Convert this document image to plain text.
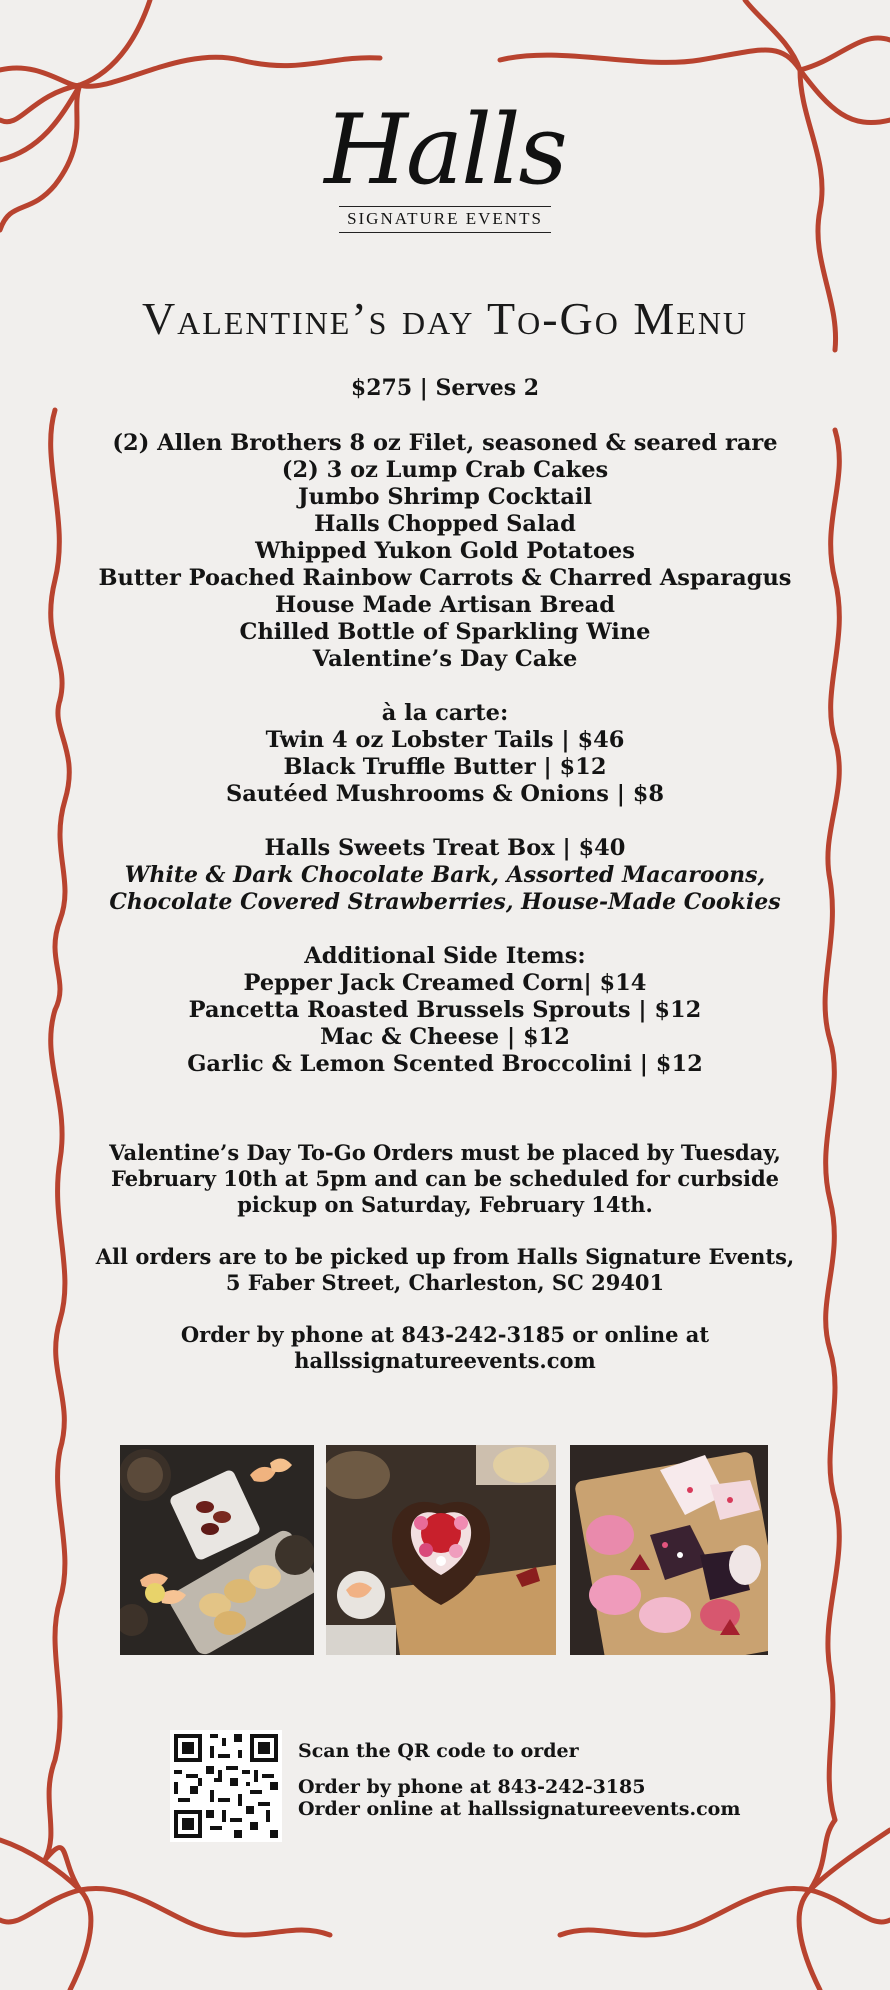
Halls
SIGNATURE EVENTS
Valentine’s day To-Go Menu
$275 | Serves 2
(2) Allen Brothers 8 oz Filet, seasoned & seared rare
(2) 3 oz Lump Crab Cakes
Jumbo Shrimp Cocktail
Halls Chopped Salad
Whipped Yukon Gold Potatoes
Butter Poached Rainbow Carrots & Charred Asparagus
House Made Artisan Bread
Chilled Bottle of Sparkling Wine
Valentine’s Day Cake
à la carte:
Twin 4 oz Lobster Tails | $46
Black Truffle Butter | $12
Sautéed Mushrooms & Onions | $8
Halls Sweets Treat Box | $40
White & Dark Chocolate Bark, Assorted Macaroons,
Chocolate Covered Strawberries, House-Made Cookies
Additional Side Items:
Pepper Jack Creamed Corn| $14
Pancetta Roasted Brussels Sprouts | $12
Mac & Cheese | $12
Garlic & Lemon Scented Broccolini | $12

Valentine’s Day To-Go Orders must be placed by Tuesday, February 10th at 5pm and can be scheduled for curbside pickup on Saturday, February 14th.

All orders are to be picked up from Halls Signature Events,
5 Faber Street, Charleston, SC 29401

Order by phone at 843-242-3185 or online at
hallssignatureevents.com

Scan the QR code to order
Order by phone at 843-242-3185
Order online at hallssignatureevents.com
